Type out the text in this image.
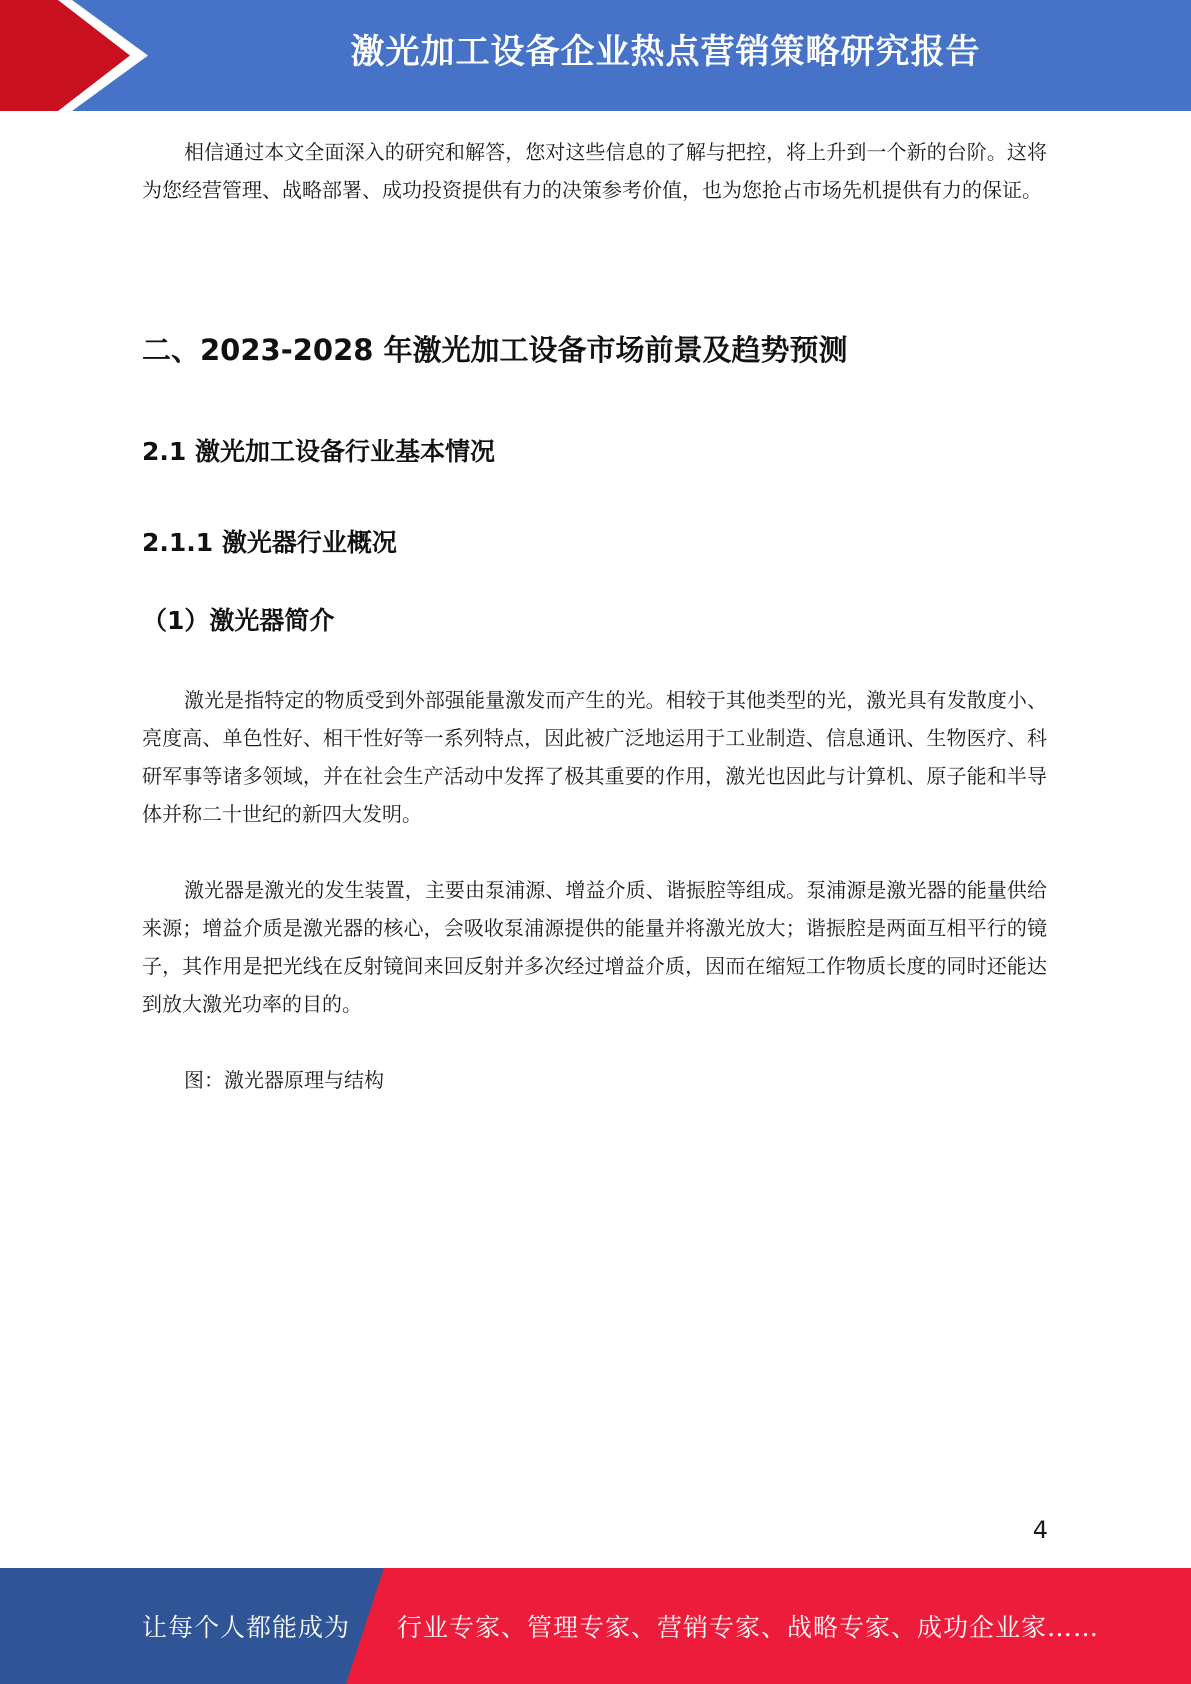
激光加工设备企业热点营销策略研究报告

相信通过本文全面深入的研究和解答，您对这些信息的了解与把控，将上升到一个新的台阶。这将为您经营管理、战略部署、成功投资提供有力的决策参考价值，也为您抢占市场先机提供有力的保证。

二、2023-2028 年激光加工设备市场前景及趋势预测
2.1 激光加工设备行业基本情况
2.1.1 激光器行业概况
（1）激光器简介

激光是指特定的物质受到外部强能量激发而产生的光。相较于其他类型的光，激光具有发散度小、亮度高、单色性好、相干性好等一系列特点，因此被广泛地运用于工业制造、信息通讯、生物医疗、科研军事等诸多领域，并在社会生产活动中发挥了极其重要的作用，激光也因此与计算机、原子能和半导体并称二十世纪的新四大发明。

激光器是激光的发生装置，主要由泵浦源、增益介质、谐振腔等组成。泵浦源是激光器的能量供给来源；增益介质是激光器的核心，会吸收泵浦源提供的能量并将激光放大；谐振腔是两面互相平行的镜子，其作用是把光线在反射镜间来回反射并多次经过增益介质，因而在缩短工作物质长度的同时还能达到放大激光功率的目的。

图：激光器原理与结构

4
让每个人都能成为 行业专家、管理专家、营销专家、战略专家、成功企业家……
